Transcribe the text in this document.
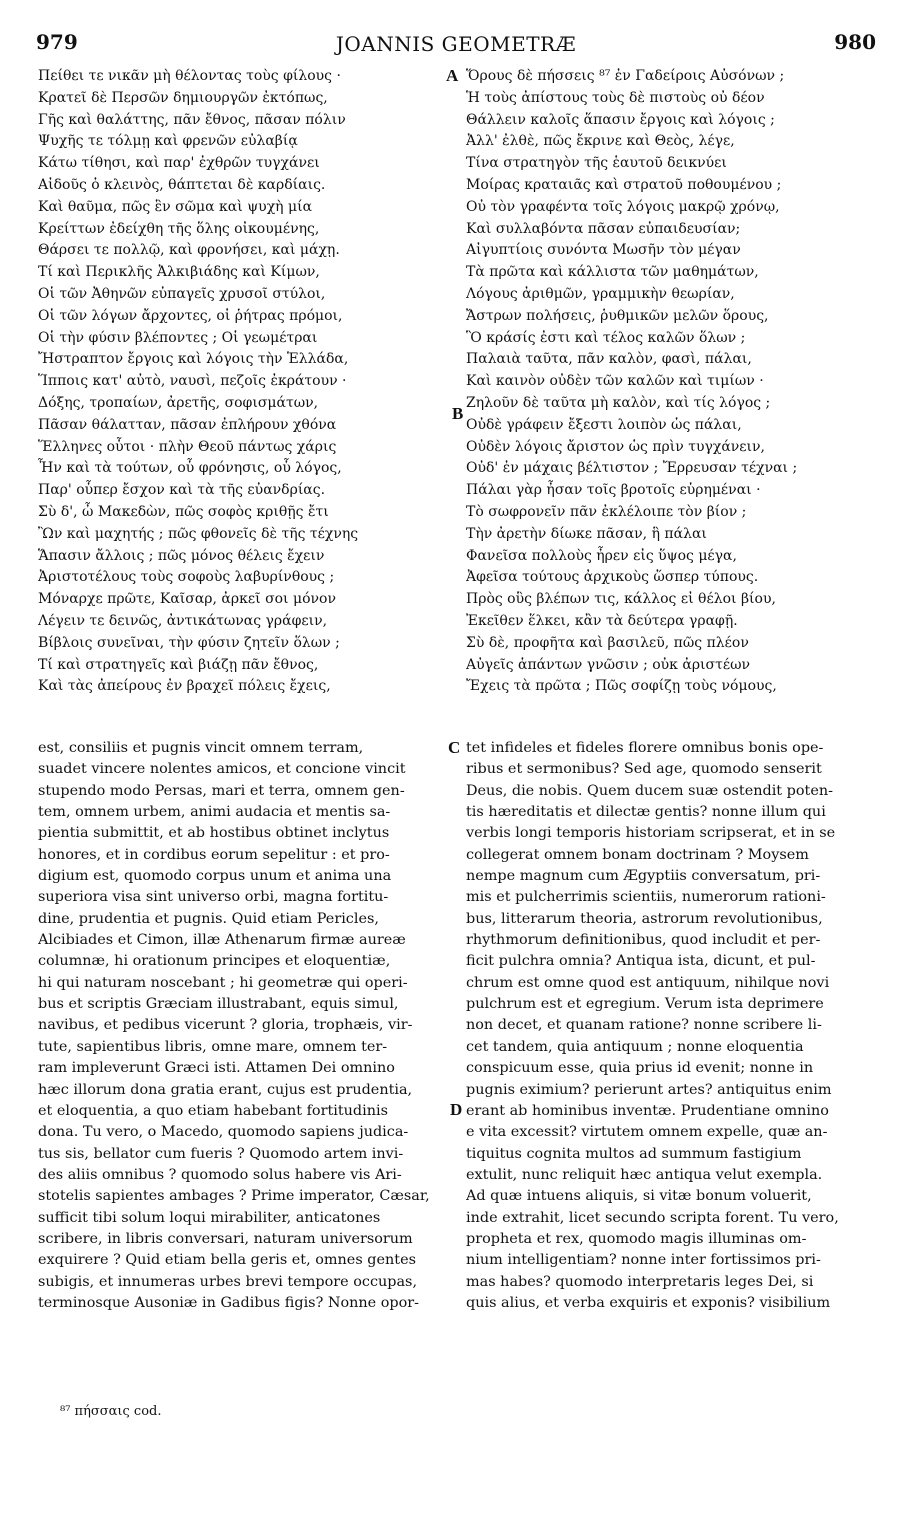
979	JOANNIS GEOMETRÆ	980
Πείθει τε νικᾶν μὴ θέλοντας τοὺς φίλους ·
Κρατεῖ δὲ Περσῶν δημιουργῶν ἐκτόπως,
Γῆς καὶ θαλάττης, πᾶν ἔθνος, πᾶσαν πόλιν
Ψυχῆς τε τόλμῃ καὶ φρενῶν εὐλαβίᾳ
Κάτω τίθησι, καὶ παρ' ἐχθρῶν τυγχάνει
Αἰδοῦς ὁ κλεινὸς, θάπτεται δὲ καρδίαις.
Καὶ θαῦμα, πῶς ἓν σῶμα καὶ ψυχὴ μία
Κρείττων ἐδείχθη τῆς ὅλης οἰκουμένης,
Θάρσει τε πολλῷ, καὶ φρονήσει, καὶ μάχῃ.
Τί καὶ Περικλῆς Ἀλκιβιάδης καὶ Κίμων,
Οἱ τῶν Ἀθηνῶν εὐπαγεῖς χρυσοῖ στύλοι,
Οἱ τῶν λόγων ἄρχοντες, οἱ ῥήτρας πρόμοι,
Οἱ τὴν φύσιν βλέποντες ; Οἱ γεωμέτραι
Ἤστραπτον ἔργοις καὶ λόγοις τὴν Ἑλλάδα,
Ἵπποις κατ' αὐτὸ, ναυσὶ, πεζοῖς ἐκράτουν ·
Δόξης, τροπαίων, ἀρετῆς, σοφισμάτων,
Πᾶσαν θάλατταν, πᾶσαν ἐπλήρουν χθόνα
Ἕλληνες οὗτοι · πλὴν Θεοῦ πάντως χάρις
Ἦν καὶ τὰ τούτων, οὗ φρόνησις, οὗ λόγος,
Παρ' οὗπερ ἔσχον καὶ τὰ τῆς εὐανδρίας.
Σὺ δ', ὦ Μακεδὼν, πῶς σοφὸς κριθῇς ἔτι
Ὢν καὶ μαχητής ; πῶς φθονεῖς δὲ τῆς τέχνης
Ἅπασιν ἄλλοις ; πῶς μόνος θέλεις ἔχειν
Ἀριστοτέλους τοὺς σοφοὺς λαβυρίνθους ;
Μόναρχε πρῶτε, Καῖσαρ, ἀρκεῖ σοι μόνον
Λέγειν τε δεινῶς, ἀντικάτωνας γράφειν,
Βίβλοις συνεῖναι, τὴν φύσιν ζητεῖν ὅλων ;
Τί καὶ στρατηγεῖς καὶ βιάζῃ πᾶν ἔθνος,
Καὶ τὰς ἀπείρους ἐν βραχεῖ πόλεις ἔχεις,
Ὅρους δὲ πήσσεις ⁸⁷ ἐν Γαδείροις Αὐσόνων ;
Ἡ τοὺς ἀπίστους τοὺς δὲ πιστοὺς οὐ δέον
Θάλλειν καλοῖς ἅπασιν ἔργοις καὶ λόγοις ;
Ἀλλ' ἐλθὲ, πῶς ἔκρινε καὶ Θεὸς, λέγε,
Τίνα στρατηγὸν τῆς ἑαυτοῦ δεικνύει
Μοίρας κραταιᾶς καὶ στρατοῦ ποθουμένου ;
Οὐ τὸν γραφέντα τοῖς λόγοις μακρῷ χρόνῳ,
Καὶ συλλαβόντα πᾶσαν εὐπαιδευσίαν;
Αἰγυπτίοις συνόντα Μωσῆν τὸν μέγαν
Τὰ πρῶτα καὶ κάλλιστα τῶν μαθημάτων,
Λόγους ἀριθμῶν, γραμμικὴν θεωρίαν,
Ἄστρων πολήσεις, ῥυθμικῶν μελῶν ὅρους,
Ὃ κράσίς ἐστι καὶ τέλος καλῶν ὅλων ;
Παλαιὰ ταῦτα, πᾶν καλὸν, φασὶ, πάλαι,
Καὶ καινὸν οὐδὲν τῶν καλῶν καὶ τιμίων ·
Ζηλοῦν δὲ ταῦτα μὴ καλὸν, καὶ τίς λόγος ;
Οὐδὲ γράφειν ἔξεστι λοιπὸν ὡς πάλαι,
Οὐδὲν λόγοις ἄριστον ὡς πρὶν τυγχάνειν,
Οὐδ' ἐν μάχαις βέλτιστον ; Ἔρρευσαν τέχναι ;
Πάλαι γὰρ ἦσαν τοῖς βροτοῖς εὑρημέναι ·
Τὸ σωφρονεῖν πᾶν ἐκλέλοιπε τὸν βίον ;
Τὴν ἀρετὴν δίωκε πᾶσαν, ἣ πάλαι
Φανεῖσα πολλοὺς ἦρεν εἰς ὕψος μέγα,
Ἀφεῖσα τούτους ἀρχικοὺς ὥσπερ τύπους.
Πρὸς οὓς βλέπων τις, κάλλος εἰ θέλοι βίου,
Ἐκεῖθεν ἕλκει, κἂν τὰ δεύτερα γραφῇ.
Σὺ δὲ, προφῆτα καὶ βασιλεῦ, πῶς πλέον
Αὐγεῖς ἁπάντων γνῶσιν ; οὐκ ἀριστέων
Ἔχεις τὰ πρῶτα ; Πῶς σοφίζῃ τοὺς νόμους,
A
B
C
D
est, consiliis et pugnis vincit omnem terram,
suadet vincere nolentes amicos, et concione vincit
stupendo modo Persas, mari et terra, omnem gen-
tem, omnem urbem, animi audacia et mentis sa-
pientia submittit, et ab hostibus obtinet inclytus
honores, et in cordibus eorum sepelitur : et pro-
digium est, quomodo corpus unum et anima una
superiora visa sint universo orbi, magna fortitu-
dine, prudentia et pugnis. Quid etiam Pericles,
Alcibiades et Cimon, illæ Athenarum firmæ aureæ
columnæ, hi orationum principes et eloquentiæ,
hi qui naturam noscebant ; hi geometræ qui operi-
bus et scriptis Græciam illustrabant, equis simul,
navibus, et pedibus vicerunt ? gloria, trophæis, vir-
tute, sapientibus libris, omne mare, omnem ter-
ram impleverunt Græci isti. Attamen Dei omnino
hæc illorum dona gratia erant, cujus est prudentia,
et eloquentia, a quo etiam habebant fortitudinis
dona. Tu vero, o Macedo, quomodo sapiens judica-
tus sis, bellator cum fueris ? Quomodo artem invi-
des aliis omnibus ? quomodo solus habere vis Ari-
stotelis sapientes ambages ? Prime imperator, Cæsar,
sufficit tibi solum loqui mirabiliter, anticatones
scribere, in libris conversari, naturam universorum
exquirere ? Quid etiam bella geris et, omnes gentes
subigis, et innumeras urbes brevi tempore occupas,
terminosque Ausoniæ in Gadibus figis? Nonne opor-
tet infideles et fideles florere omnibus bonis ope-
ribus et sermonibus? Sed age, quomodo senserit
Deus, die nobis. Quem ducem suæ ostendit poten-
tis hæreditatis et dilectæ gentis? nonne illum qui
verbis longi temporis historiam scripserat, et in se
collegerat omnem bonam doctrinam ? Moysem
nempe magnum cum Ægyptiis conversatum, pri-
mis et pulcherrimis scientiis, numerorum rationi-
bus, litterarum theoria, astrorum revolutionibus,
rhythmorum definitionibus, quod includit et per-
ficit pulchra omnia? Antiqua ista, dicunt, et pul-
chrum est omne quod est antiquum, nihilque novi
pulchrum est et egregium. Verum ista deprimere
non decet, et quanam ratione? nonne scribere li-
cet tandem, quia antiquum ; nonne eloquentia
conspicuum esse, quia prius id evenit; nonne in
pugnis eximium? perierunt artes? antiquitus enim
erant ab hominibus inventæ. Prudentiane omnino
e vita excessit? virtutem omnem expelle, quæ an-
tiquitus cognita multos ad summum fastigium
extulit, nunc reliquit hæc antiqua velut exempla.
Ad quæ intuens aliquis, si vitæ bonum voluerit,
inde extrahit, licet secundo scripta forent. Tu vero,
propheta et rex, quomodo magis illuminas om-
nium intelligentiam? nonne inter fortissimos pri-
mas habes? quomodo interpretaris leges Dei, si
quis alius, et verba exquiris et exponis? visibilium
⁸⁷ πήσσαις cod.
